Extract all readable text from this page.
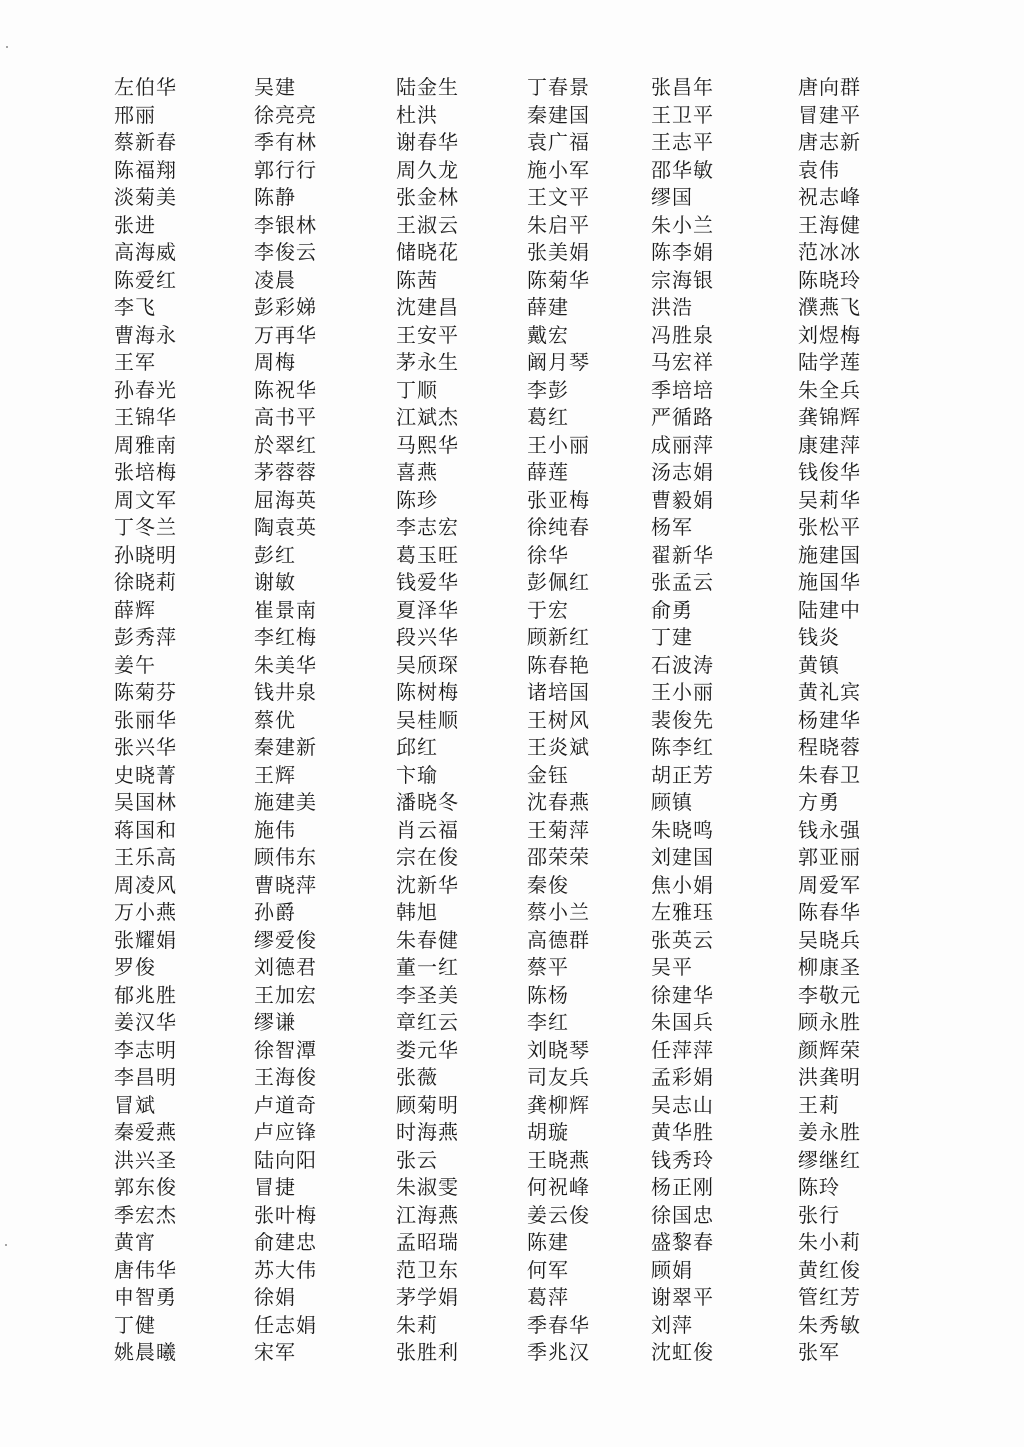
左伯华	吴建	陆金生	丁春景	张昌年	唐向群
邢丽	徐亮亮	杜洪	秦建国	王卫平	冒建平
蔡新春	季有林	谢春华	袁广福	王志平	唐志新
陈福翔	郭行行	周久龙	施小军	邵华敏	袁伟
淡菊美	陈静	张金林	王文平	缪国	祝志峰
张进	李银林	王淑云	朱启平	朱小兰	王海健
高海威	李俊云	储晓花	张美娟	陈李娟	范冰冰
陈爱红	凌晨	陈茜	陈菊华	宗海银	陈晓玲
李飞	彭彩娣	沈建昌	薛建	洪浩	濮燕飞
曹海永	万再华	王安平	戴宏	冯胜泉	刘煜梅
王军	周梅	茅永生	阚月琴	马宏祥	陆学莲
孙春光	陈祝华	丁顺	李彭	季培培	朱全兵
王锦华	高书平	江斌杰	葛红	严循路	龚锦辉
周雅南	於翠红	马熙华	王小丽	成丽萍	康建萍
张培梅	茅蓉蓉	喜燕	薛莲	汤志娟	钱俊华
周文军	屈海英	陈珍	张亚梅	曹毅娟	吴莉华
丁冬兰	陶袁英	李志宏	徐纯春	杨军	张松平
孙晓明	彭红	葛玉旺	徐华	翟新华	施建国
徐晓莉	谢敏	钱爱华	彭佩红	张孟云	施国华
薛辉	崔景南	夏泽华	于宏	俞勇	陆建中
彭秀萍	李红梅	段兴华	顾新红	丁建	钱炎
姜午	朱美华	吴颀琛	陈春艳	石波涛	黄镇
陈菊芬	钱井泉	陈树梅	诸培国	王小丽	黄礼宾
张丽华	蔡优	吴桂顺	王树风	裴俊先	杨建华
张兴华	秦建新	邱红	王炎斌	陈李红	程晓蓉
史晓菁	王辉	卞瑜	金钰	胡正芳	朱春卫
吴国林	施建美	潘晓冬	沈春燕	顾镇	方勇
蒋国和	施伟	肖云福	王菊萍	朱晓鸣	钱永强
王乐高	顾伟东	宗在俊	邵荣荣	刘建国	郭亚丽
周凌风	曹晓萍	沈新华	秦俊	焦小娟	周爱军
万小燕	孙爵	韩旭	蔡小兰	左雅珏	陈春华
张耀娟	缪爱俊	朱春健	高德群	张英云	吴晓兵
罗俊	刘德君	董一红	蔡平	吴平	柳康圣
郁兆胜	王加宏	李圣美	陈杨	徐建华	李敬元
姜汉华	缪谦	章红云	李红	朱国兵	顾永胜
李志明	徐智潭	娄元华	刘晓琴	任萍萍	颜辉荣
李昌明	王海俊	张薇	司友兵	孟彩娟	洪龚明
冒斌	卢道奇	顾菊明	龚柳辉	吴志山	王莉
秦爱燕	卢应锋	时海燕	胡璇	黄华胜	姜永胜
洪兴圣	陆向阳	张云	王晓燕	钱秀玲	缪继红
郭东俊	冒捷	朱淑雯	何祝峰	杨正刚	陈玲
季宏杰	张叶梅	江海燕	姜云俊	徐国忠	张行
黄宵	俞建忠	孟昭瑞	陈建	盛黎春	朱小莉
唐伟华	苏大伟	范卫东	何军	顾娟	黄红俊
申智勇	徐娟	茅学娟	葛萍	谢翠平	管红芳
丁健	任志娟	朱莉	季春华	刘萍	朱秀敏
姚晨曦	宋军	张胜利	季兆汉	沈虹俊	张军
